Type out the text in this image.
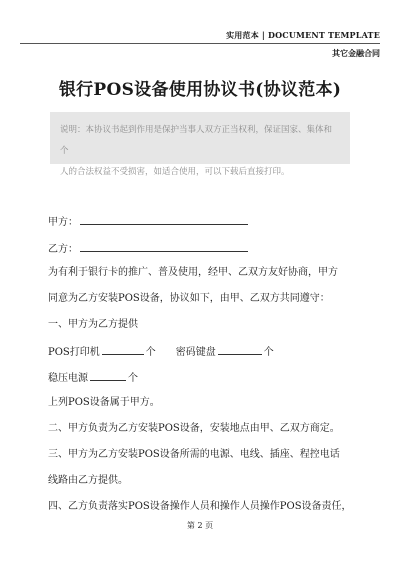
实用范本 | DOCUMENT TEMPLATE
其它金融合同
银行POS设备使用协议书(协议范本)
说明：本协议书起到作用是保护当事人双方正当权利，保证国家、集体和个
人的合法权益不受损害，如适合使用，可以下载后直接打印。
甲方：
乙方：
为有利于银行卡的推广、普及使用，经甲、乙双方友好协商，甲方
同意为乙方安装POS设备，协议如下，由甲、乙双方共同遵守：
一、甲方为乙方提供
POS打印机	个 密码键盘	个
稳压电源	个
上列POS设备属于甲方。
二、甲方负责为乙方安装POS设备，安装地点由甲、乙双方商定。
三、甲方为乙方安装POS设备所需的电源、电线、插座、程控电话
线路由乙方提供。
四、乙方负责落实POS设备操作人员和操作人员操作POS设备责任，
第 2 页
